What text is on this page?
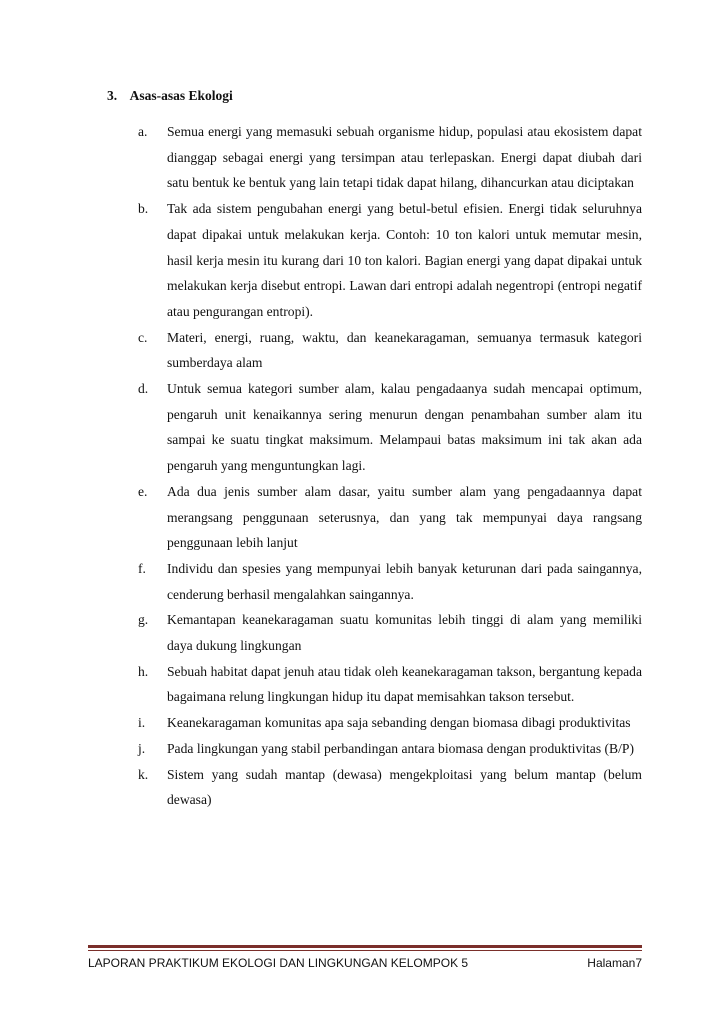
3. Asas-asas Ekologi
a.	Semua energi yang memasuki sebuah organisme hidup, populasi atau ekosistem dapat dianggap sebagai energi yang tersimpan atau terlepaskan. Energi dapat diubah dari satu bentuk ke bentuk yang lain tetapi tidak dapat hilang, dihancurkan atau diciptakan
b.	Tak ada sistem pengubahan energi yang betul-betul efisien. Energi tidak seluruhnya dapat dipakai untuk melakukan kerja. Contoh: 10 ton kalori untuk memutar mesin, hasil kerja mesin itu kurang dari 10 ton kalori. Bagian energi yang dapat dipakai untuk melakukan kerja disebut entropi. Lawan dari entropi adalah negentropi (entropi negatif atau pengurangan entropi).
c.	Materi, energi, ruang, waktu, dan keanekaragaman, semuanya termasuk kategori sumberdaya alam
d.	Untuk semua kategori sumber alam, kalau pengadaanya sudah mencapai optimum, pengaruh unit kenaikannya sering menurun dengan penambahan sumber alam itu sampai ke suatu tingkat maksimum. Melampaui batas maksimum ini tak akan ada pengaruh yang menguntungkan lagi.
e.	Ada dua jenis sumber alam dasar, yaitu sumber alam yang pengadaannya dapat merangsang penggunaan seterusnya, dan yang tak mempunyai daya rangsang penggunaan lebih lanjut
f.	Individu dan spesies yang mempunyai lebih banyak keturunan dari pada saingannya, cenderung berhasil mengalahkan saingannya.
g.	Kemantapan keanekaragaman suatu komunitas lebih tinggi di alam yang memiliki daya dukung lingkungan
h.	Sebuah habitat dapat jenuh atau tidak oleh keanekaragaman takson, bergantung kepada bagaimana relung lingkungan hidup itu dapat memisahkan takson tersebut.
i.	Keanekaragaman komunitas apa saja sebanding dengan biomasa dibagi produktivitas
j.	Pada lingkungan yang stabil perbandingan antara biomasa dengan produktivitas (B/P)
k.	Sistem yang sudah mantap (dewasa) mengekploitasi yang belum mantap (belum dewasa)
LAPORAN PRAKTIKUM EKOLOGI DAN LINGKUNGAN KELOMPOK 5	Halaman7
